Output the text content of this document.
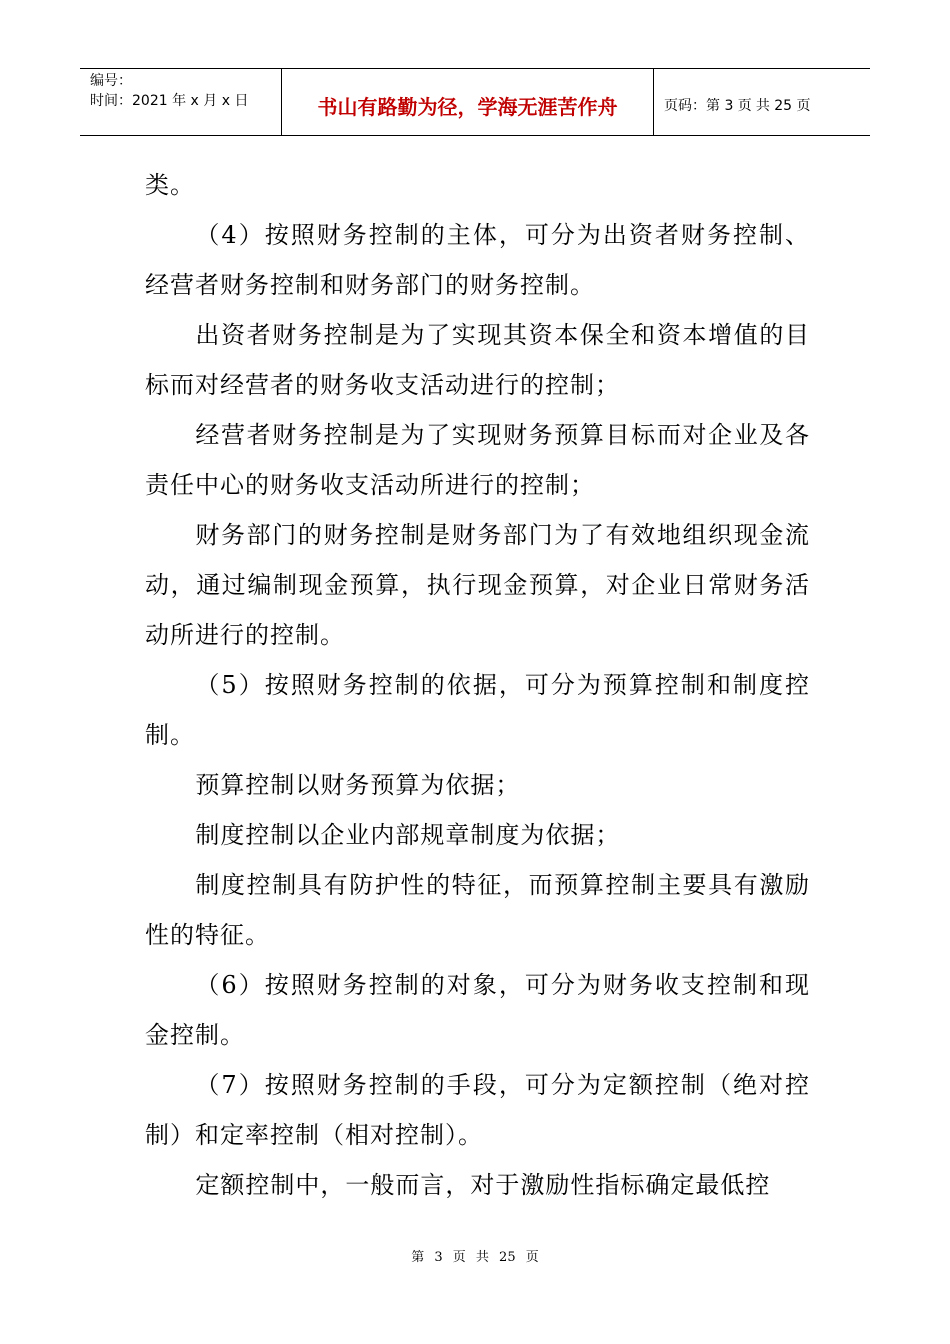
编号：
时间：2021 年 x 月 x 日	书山有路勤为径，学海无涯苦作舟	页码：第 3 页 共 25 页

类。

（4）按照财务控制的主体，可分为出资者财务控制、经营者财务控制和财务部门的财务控制。

出资者财务控制是为了实现其资本保全和资本增值的目标而对经营者的财务收支活动进行的控制；

经营者财务控制是为了实现财务预算目标而对企业及各责任中心的财务收支活动所进行的控制；

财务部门的财务控制是财务部门为了有效地组织现金流动，通过编制现金预算，执行现金预算，对企业日常财务活动所进行的控制。

（5）按照财务控制的依据，可分为预算控制和制度控制。

预算控制以财务预算为依据；

制度控制以企业内部规章制度为依据；

制度控制具有防护性的特征，而预算控制主要具有激励性的特征。

（6）按照财务控制的对象，可分为财务收支控制和现金控制。

（7）按照财务控制的手段，可分为定额控制（绝对控制）和定率控制（相对控制）。

定额控制中，一般而言，对于激励性指标确定最低控

第 3 页 共 25 页
